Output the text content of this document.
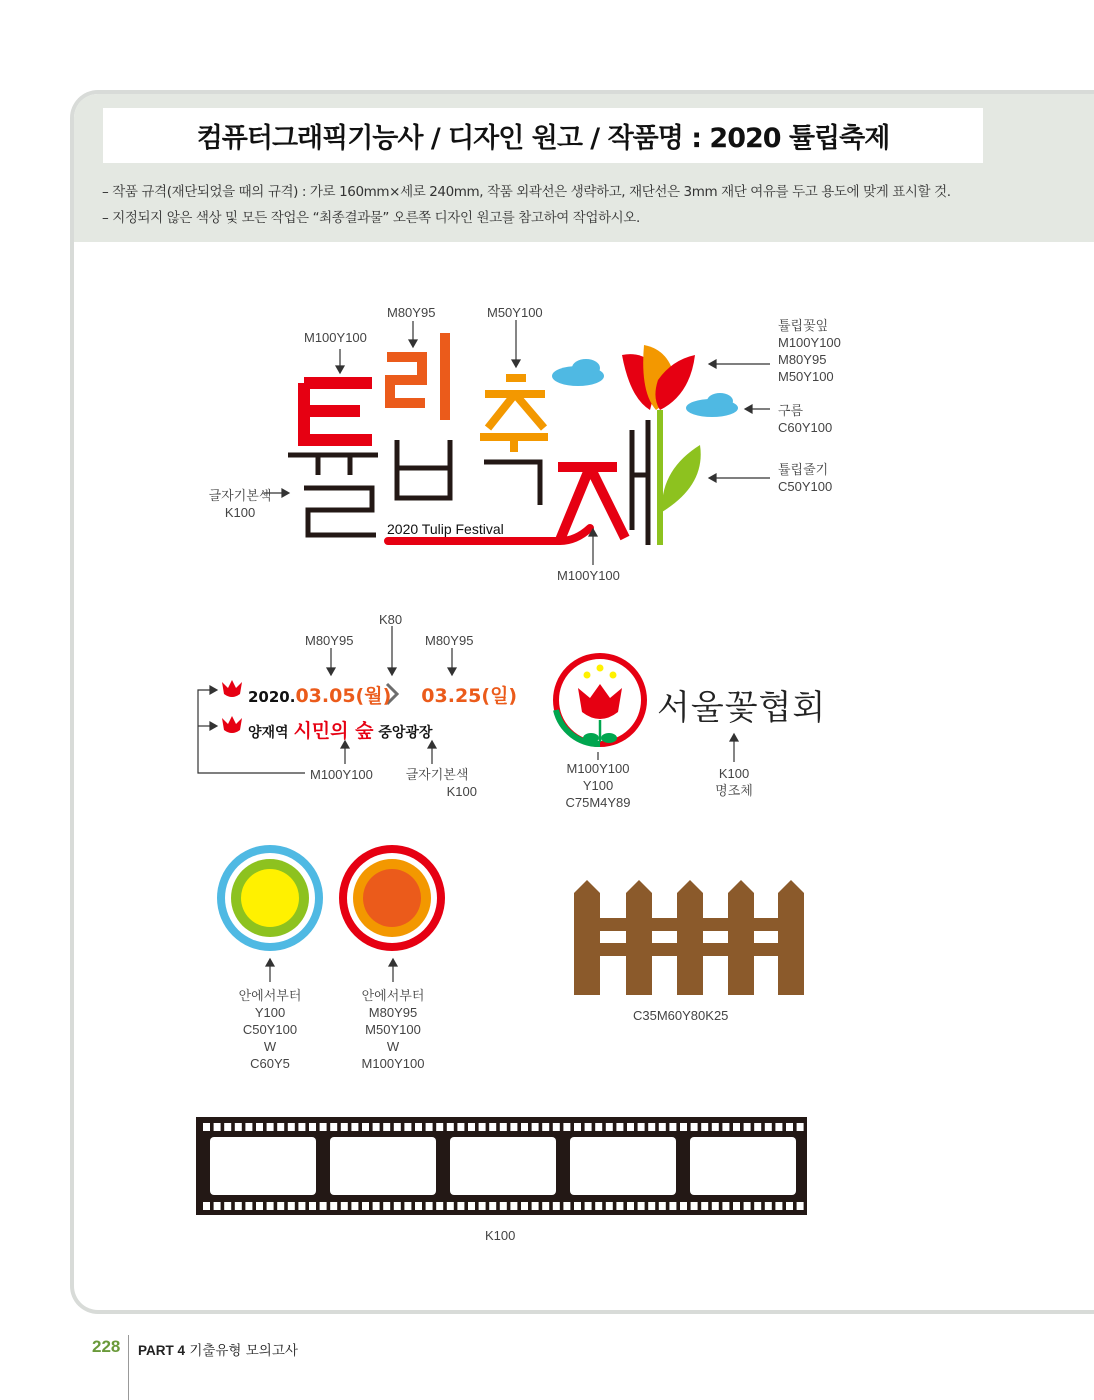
컴퓨터그래픽기능사 / 디자인 원고 / 작품명 : 2020 튤립축제
– 작품 규격(재단되었을 때의 규격) : 가로 160mm×세로 240mm, 작품 외곽선은 생략하고, 재단선은 3mm 재단 여유를 두고 용도에 맞게 표시할 것.
– 지정되지 않은 색상 및 모든 작업은 “최종결과물” 오른쪽 디자인 원고를 참고하여 작업하시오.
2020 Tulip Festival
M100Y100
M80Y95	M50Y100
튤립꽃잎
M100Y100
M80Y95
M50Y100
구름
C60Y100
튤립줄기
C50Y100
글자기본색
K100
M100Y100
2020. 03.05(월) 03.25(일)
양재역 시민의 숲 중앙광장
M80Y95
K80
M80Y95
M100Y100	글자기본색
K100
서울꽃협회
M100Y100
Y100
C75M4Y89
K100
명조체
안에서부터
Y100
C50Y100
W
C60Y5
안에서부터
M80Y95
M50Y100
W
M100Y100
C35M60Y80K25
K100
228 PART 4 기출유형 모의고사
